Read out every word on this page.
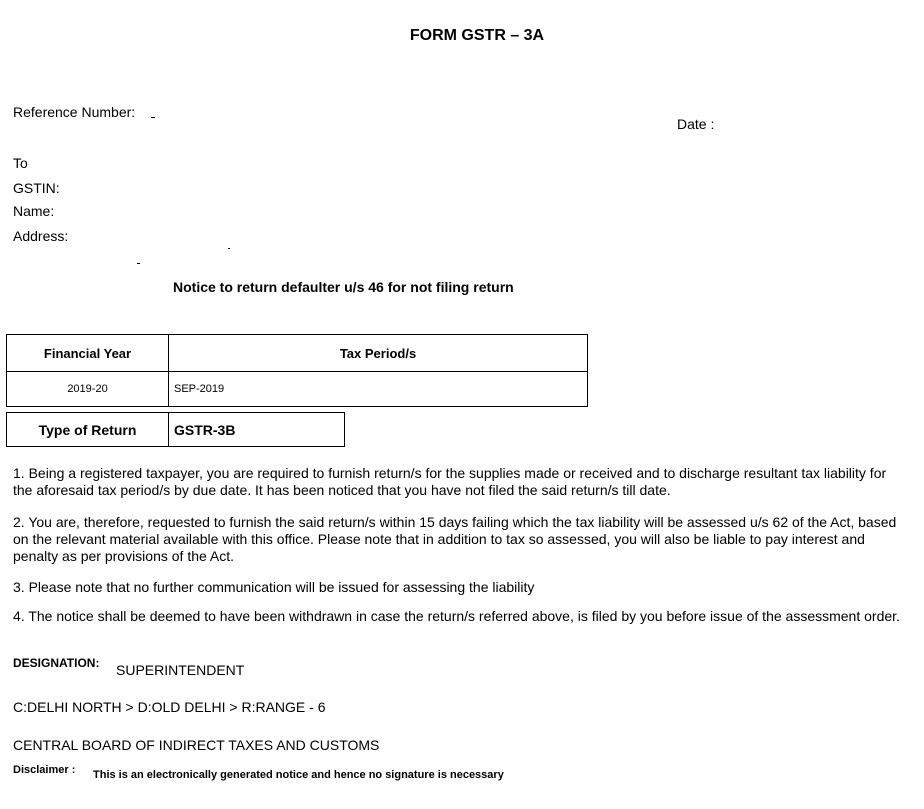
FORM GSTR – 3A
Reference Number:
Date :
To
GSTIN:
Name:
Address:
Notice to return defaulter u/s 46 for not filing return
Financial Year	Tax Period/s
2019-20	SEP-2019
Type of Return	GSTR-3B
1. Being a registered taxpayer, you are required to furnish return/s for the supplies made or received and to discharge resultant tax liability for the aforesaid tax period/s by due date. It has been noticed that you have not filed the said return/s till date.
2. You are, therefore, requested to furnish the said return/s within 15 days failing which the tax liability will be assessed u/s 62 of the Act, based on the relevant material available with this office. Please note that in addition to tax so assessed, you will also be liable to pay interest and penalty as per provisions of the Act.
3. Please note that no further communication will be issued for assessing the liability
4. The notice shall be deemed to have been withdrawn in case the return/s referred above, is filed by you before issue of the assessment order.
DESIGNATION: SUPERINTENDENT
C:DELHI NORTH > D:OLD DELHI > R:RANGE - 6
CENTRAL BOARD OF INDIRECT TAXES AND CUSTOMS
Disclaimer : This is an electronically generated notice and hence no signature is necessary
